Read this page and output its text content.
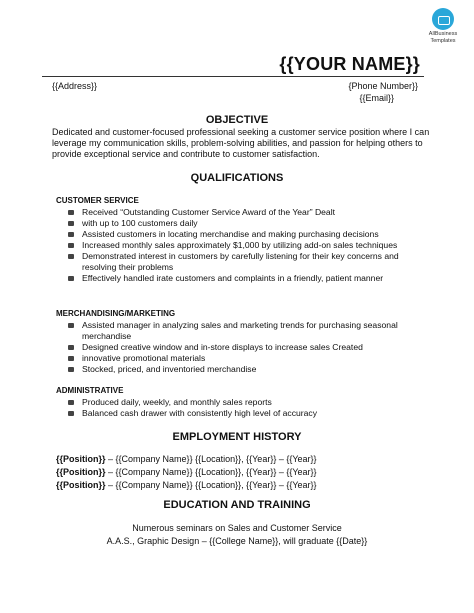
AllBusiness
Templates
{{YOUR NAME}}
{{Address}}	{Phone Number}}
{{Email}}
OBJECTIVE
Dedicated and customer-focused professional seeking a customer service position where I can leverage my communication skills, problem-solving abilities, and passion for helping others to provide exceptional service and contribute to customer satisfaction.
QUALIFICATIONS
CUSTOMER SERVICE
Received “Outstanding Customer Service Award of the Year” Dealt
with up to 100 customers daily
Assisted customers in locating merchandise and making purchasing decisions
Increased monthly sales approximately $1,000 by utilizing add-on sales techniques
Demonstrated interest in customers by carefully listening for their key concerns and resolving their problems
Effectively handled irate customers and complaints in a friendly, patient manner
MERCHANDISING/MARKETING
Assisted manager in analyzing sales and marketing trends for purchasing seasonal merchandise
Designed creative window and in-store displays to increase sales Created
innovative promotional materials
Stocked, priced, and inventoried merchandise
ADMINISTRATIVE
Produced daily, weekly, and monthly sales reports
Balanced cash drawer with consistently high level of accuracy
EMPLOYMENT HISTORY
{{Position}} – {{Company Name}} {{Location}}, {{Year}} – {{Year}}
{{Position}} – {{Company Name}} {{Location}}, {{Year}} – {{Year}}
{{Position}} – {{Company Name}} {{Location}}, {{Year}} – {{Year}}
EDUCATION AND TRAINING
Numerous seminars on Sales and Customer Service
A.A.S., Graphic Design – {{College Name}}, will graduate {{Date}}
